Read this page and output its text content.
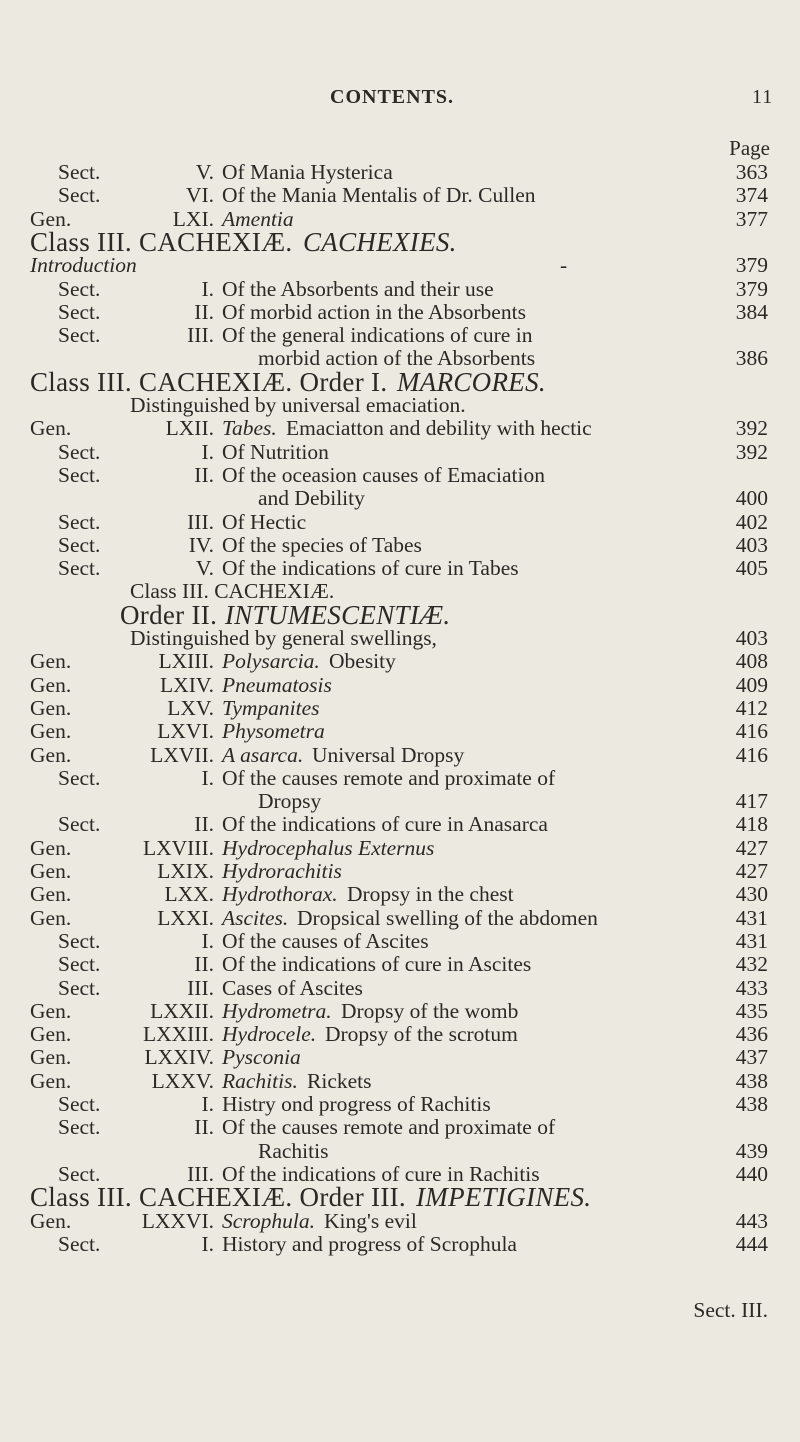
CONTENTS.	11
Page
Sect.	V. Of Mania Hysterica	363
Sect.	VI. Of the Mania Mentalis of Dr. Cullen	374
Gen.	LXI. Amentia	377
Class III. CACHEXIÆ. CACHEXIES.
Introduction	-	379
Sect.	I. Of the Absorbents and their use	379
Sect.	II. Of morbid action in the Absorbents	384
Sect.	III. Of the general indications of cure in
morbid action of the Absorbents	386
Class III. CACHEXIÆ. Order I. MARCORES.
Distinguished by universal emaciation.
Gen.	LXII. Tabes. Emaciatton and debility with hectic	392
Sect.	I. Of Nutrition	392
Sect.	II. Of the oceasion causes of Emaciation
and Debility	400
Sect.	III. Of Hectic	402
Sect.	IV. Of the species of Tabes	403
Sect.	V. Of the indications of cure in Tabes	405
Class III. CACHEXIÆ.
Order II. INTUMESCENTIÆ.
Distinguished by general swellings,	403
Gen.	LXIII. Polysarcia. Obesity	408
Gen.	LXIV. Pneumatosis	409
Gen.	LXV. Tympanites	412
Gen.	LXVI. Physometra	416
Gen.	LXVII. A asarca. Universal Dropsy	416
Sect.	I. Of the causes remote and proximate of
Dropsy	417
Sect.	II. Of the indications of cure in Anasarca	418
Gen.	LXVIII. Hydrocephalus Externus	427
Gen.	LXIX. Hydrorachitis	427
Gen.	LXX. Hydrothorax. Dropsy in the chest	430
Gen.	LXXI. Ascites. Dropsical swelling of the abdomen	431
Sect.	I. Of the causes of Ascites	431
Sect.	II. Of the indications of cure in Ascites	432
Sect.	III. Cases of Ascites	433
Gen.	LXXII. Hydrometra. Dropsy of the womb	435
Gen.	LXXIII. Hydrocele. Dropsy of the scrotum	436
Gen.	LXXIV. Pysconia	437
Gen.	LXXV. Rachitis. Rickets	438
Sect.	I. Histry ond progress of Rachitis	438
Sect.	II. Of the causes remote and proximate of
Rachitis	439
Sect.	III. Of the indications of cure in Rachitis	440
Class III. CACHEXIÆ. Order III. IMPETIGINES.
Gen.	LXXVI. Scrophula. King's evil	443
Sect.	I. History and progress of Scrophula	444
Sect. III.
